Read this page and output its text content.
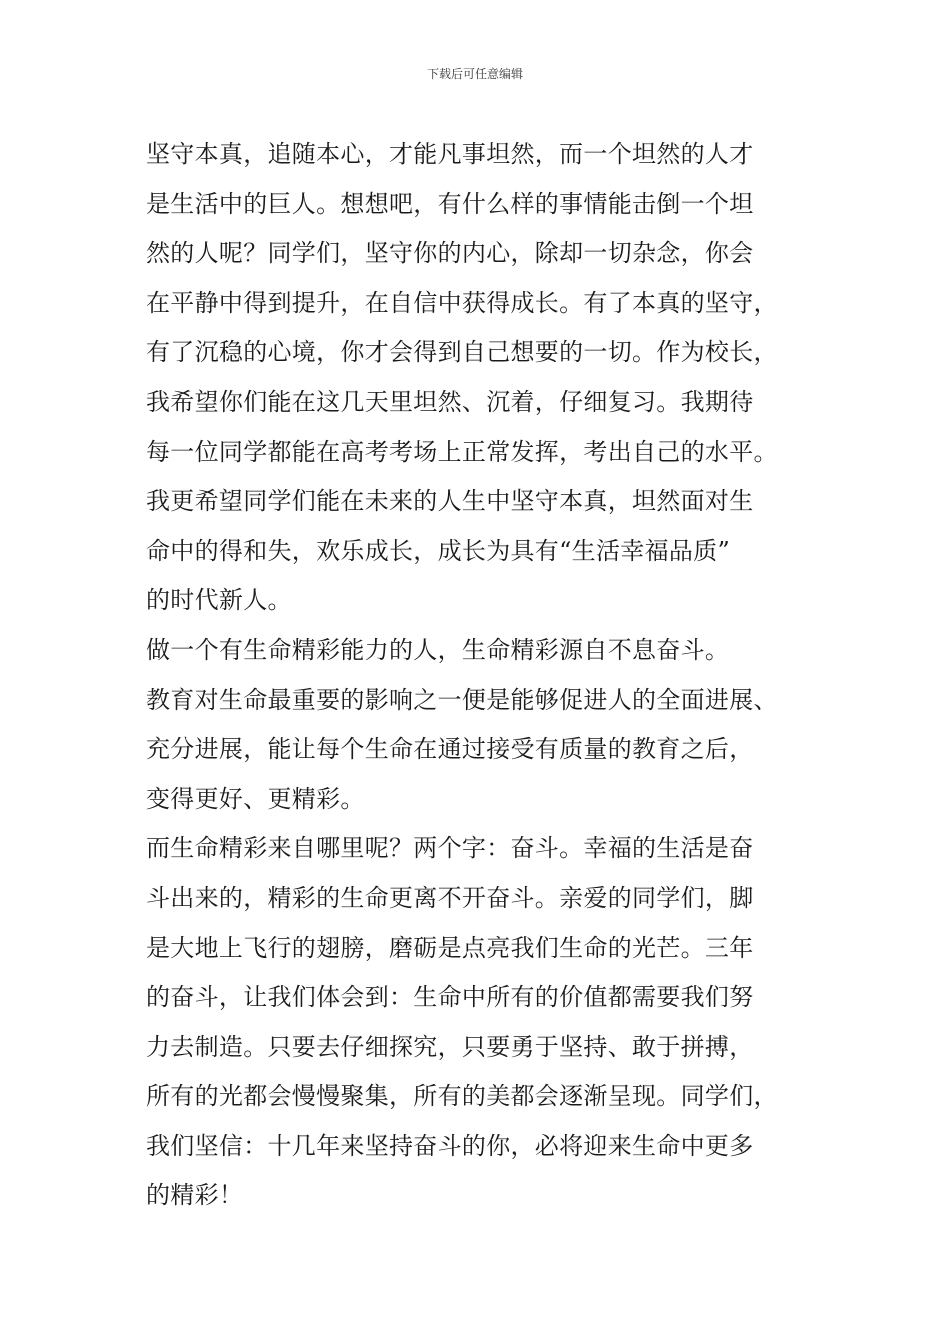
下载后可任意编辑
坚守本真，追随本心，才能凡事坦然，而一个坦然的人才
是生活中的巨人。想想吧，有什么样的事情能击倒一个坦
然的人呢？同学们，坚守你的内心，除却一切杂念，你会
在平静中得到提升，在自信中获得成长。有了本真的坚守，
有了沉稳的心境，你才会得到自己想要的一切。作为校长，
我希望你们能在这几天里坦然、沉着，仔细复习。我期待
每一位同学都能在高考考场上正常发挥，考出自己的水平。
我更希望同学们能在未来的人生中坚守本真，坦然面对生
命中的得和失，欢乐成长，成长为具有“生活幸福品质”
的时代新人。
做一个有生命精彩能力的人，生命精彩源自不息奋斗。
教育对生命最重要的影响之一便是能够促进人的全面进展、
充分进展，能让每个生命在通过接受有质量的教育之后，
变得更好、更精彩。
而生命精彩来自哪里呢？两个字：奋斗。幸福的生活是奋
斗出来的，精彩的生命更离不开奋斗。亲爱的同学们，脚
是大地上飞行的翅膀，磨砺是点亮我们生命的光芒。三年
的奋斗，让我们体会到：生命中所有的价值都需要我们努
力去制造。只要去仔细探究，只要勇于坚持、敢于拼搏，
所有的光都会慢慢聚集，所有的美都会逐渐呈现。同学们，
我们坚信：十几年来坚持奋斗的你，必将迎来生命中更多
的精彩！
